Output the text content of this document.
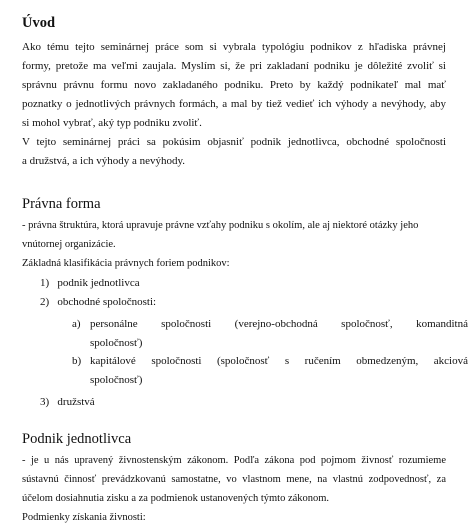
Úvod
Ako tému tejto seminárnej práce som si vybrala typológiu podnikov z hľadiska právnej
formy, pretože ma veľmi zaujala. Myslím si, že pri zakladaní podniku je dôležité zvoliť si
správnu právnu formu novo zakladaného podniku. Preto by každý podnikateľ mal mať
poznatky o jednotlivých právnych formách, a mal by tiež vedieť ich výhody a nevýhody, aby
si mohol vybrať, aký typ podniku zvoliť.
V tejto seminárnej práci sa pokúsim objasniť podnik jednotlivca, obchodné spoločnosti
a družstvá, a ich výhody a nevýhody.
Právna forma
- právna štruktúra, ktorá upravuje právne vzťahy podniku s okolím, ale aj niektoré otázky jeho
vnútornej organizácie.
Základná klasifikácia právnych foriem podnikov:
1) podnik jednotlivca
2) obchodné spoločnosti:
a) personálne spoločnosti (verejno-obchodná spoločnosť, komanditná
spoločnosť)
b) kapitálové spoločnosti (spoločnosť s ručením obmedzeným, akciová
spoločnosť)
3) družstvá
Podnik jednotlivca
- je u nás upravený živnostenským zákonom. Podľa zákona pod pojmom živnosť rozumieme
sústavnú činnosť prevádzkovanú samostatne, vo vlastnom mene, na vlastnú zodpovednosť, za
účelom dosiahnutia zisku a za podmienok ustanovených týmto zákonom.
Podmienky získania živnosti:
